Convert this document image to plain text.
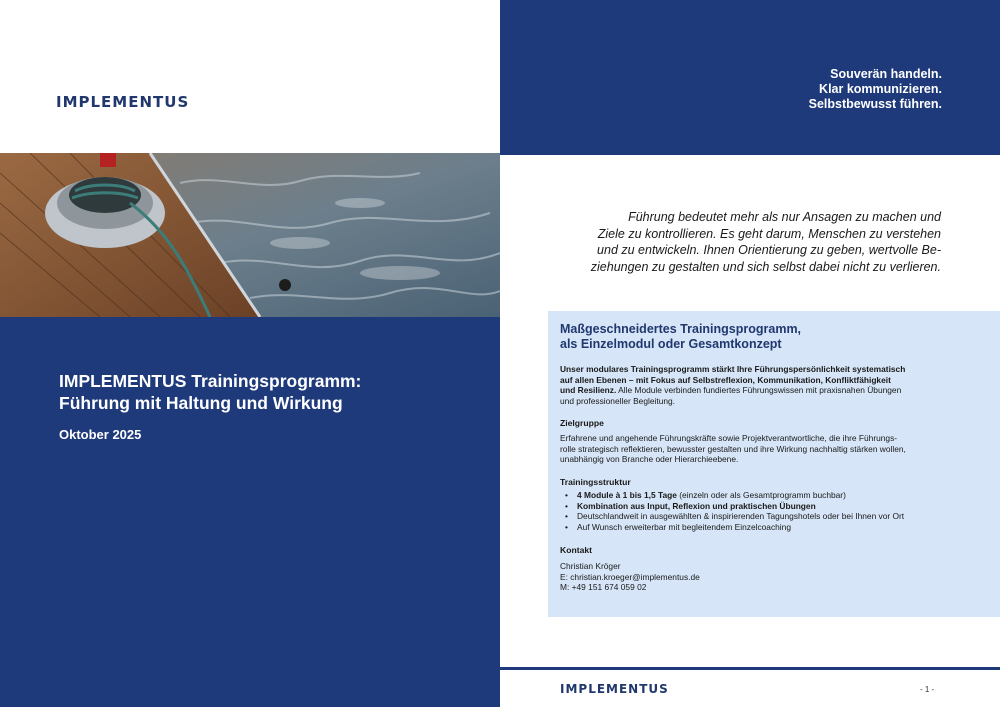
IMPLEMENTUS
IMPLEMENTUS Trainingsprogramm:
Führung mit Haltung und Wirkung
Oktober 2025
Souverän handeln.
Klar kommunizieren.
Selbstbewusst führen.
Führung bedeutet mehr als nur Ansagen zu machen und
Ziele zu kontrollieren. Es geht darum, Menschen zu verstehen
und zu entwickeln. Ihnen Orientierung zu geben, wertvolle Be-
ziehungen zu gestalten und sich selbst dabei nicht zu verlieren.
Maßgeschneidertes Trainingsprogramm,
als Einzelmodul oder Gesamtkonzept
Unser modulares Trainingsprogramm stärkt Ihre Führungspersönlichkeit systematisch
auf allen Ebenen – mit Fokus auf Selbstreflexion, Kommunikation, Konfliktfähigkeit
und Resilienz. Alle Module verbinden fundiertes Führungswissen mit praxisnahen Übungen
und professioneller Begleitung.
Zielgruppe
Erfahrene und angehende Führungskräfte sowie Projektverantwortliche, die ihre Führungs-
rolle strategisch reflektieren, bewusster gestalten und ihre Wirkung nachhaltig stärken wollen,
unabhängig von Branche oder Hierarchieebene.
Trainingsstruktur
• 4 Module à 1 bis 1,5 Tage (einzeln oder als Gesamtprogramm buchbar)
• Kombination aus Input, Reflexion und praktischen Übungen
• Deutschlandweit in ausgewählten & inspirierenden Tagungshotels oder bei Ihnen vor Ort
• Auf Wunsch erweiterbar mit begleitendem Einzelcoaching
Kontakt
Christian Kröger
E: christian.kroeger@implementus.de
M: +49 151 674 059 02
IMPLEMENTUS	- 1 -
